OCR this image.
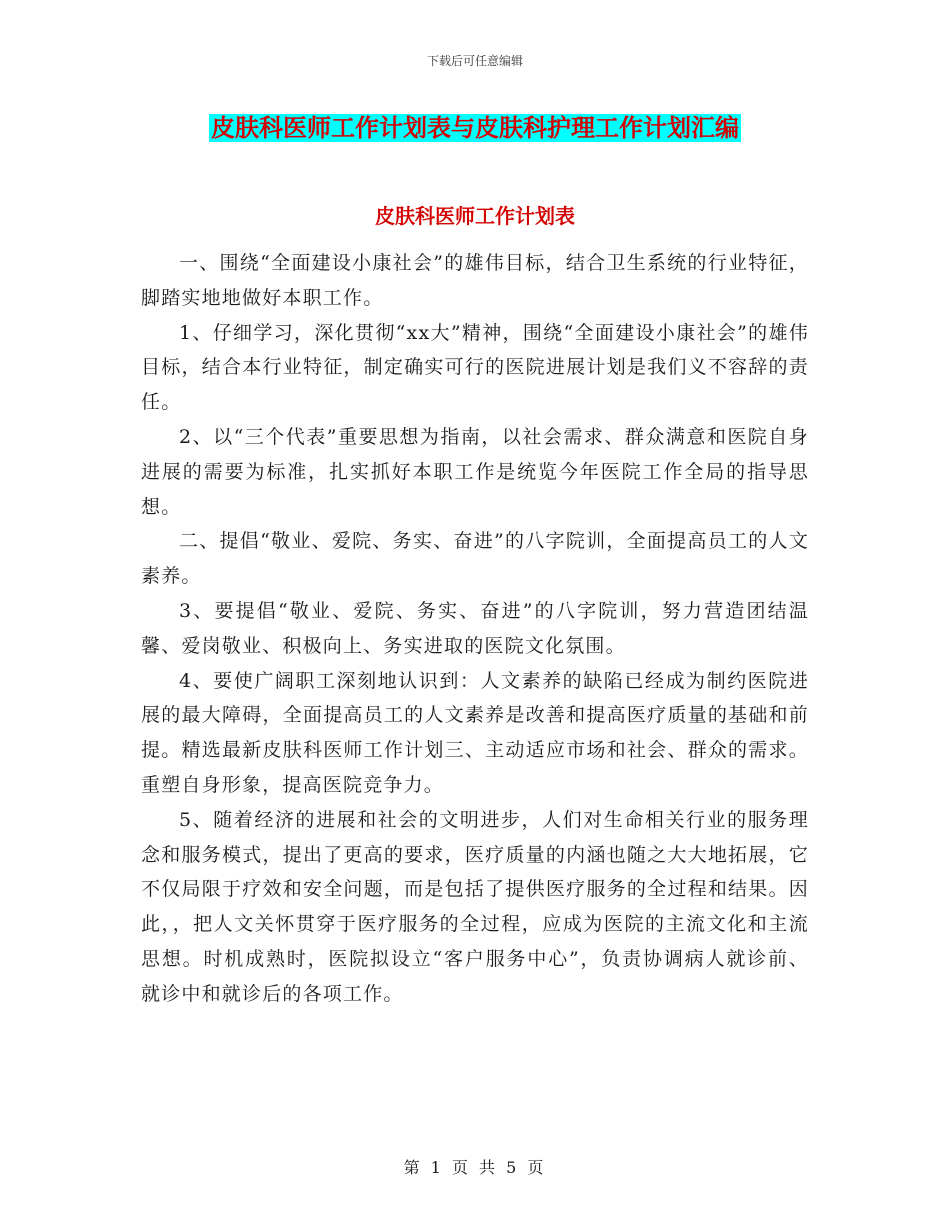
下载后可任意编辑
皮肤科医师工作计划表与皮肤科护理工作计划汇编
皮肤科医师工作计划表

一、围绕“全面建设小康社会”的雄伟目标，结合卫生系统的行业特征，脚踏实地地做好本职工作。

1、仔细学习，深化贯彻“xx大”精神，围绕“全面建设小康社会”的雄伟目标，结合本行业特征，制定确实可行的医院进展计划是我们义不容辞的责任。

2、以“三个代表”重要思想为指南，以社会需求、群众满意和医院自身进展的需要为标准，扎实抓好本职工作是统览今年医院工作全局的指导思想。

二、提倡“敬业、爱院、务实、奋进”的八字院训，全面提高员工的人文素养。

3、要提倡“敬业、爱院、务实、奋进”的八字院训，努力营造团结温馨、爱岗敬业、积极向上、务实进取的医院文化氛围。

4、要使广阔职工深刻地认识到：人文素养的缺陷已经成为制约医院进展的最大障碍，全面提高员工的人文素养是改善和提高医疗质量的基础和前提。精选最新皮肤科医师工作计划三、主动适应市场和社会、群众的需求。重塑自身形象，提高医院竞争力。

5、随着经济的进展和社会的文明进步，人们对生命相关行业的服务理念和服务模式，提出了更高的要求，医疗质量的内涵也随之大大地拓展，它不仅局限于疗效和安全问题，而是包括了提供医疗服务的全过程和结果。因此，，把人文关怀贯穿于医疗服务的全过程，应成为医院的主流文化和主流思想。时机成熟时，医院拟设立“客户服务中心”，负责协调病人就诊前、就诊中和就诊后的各项工作。

第 1 页 共 5 页
